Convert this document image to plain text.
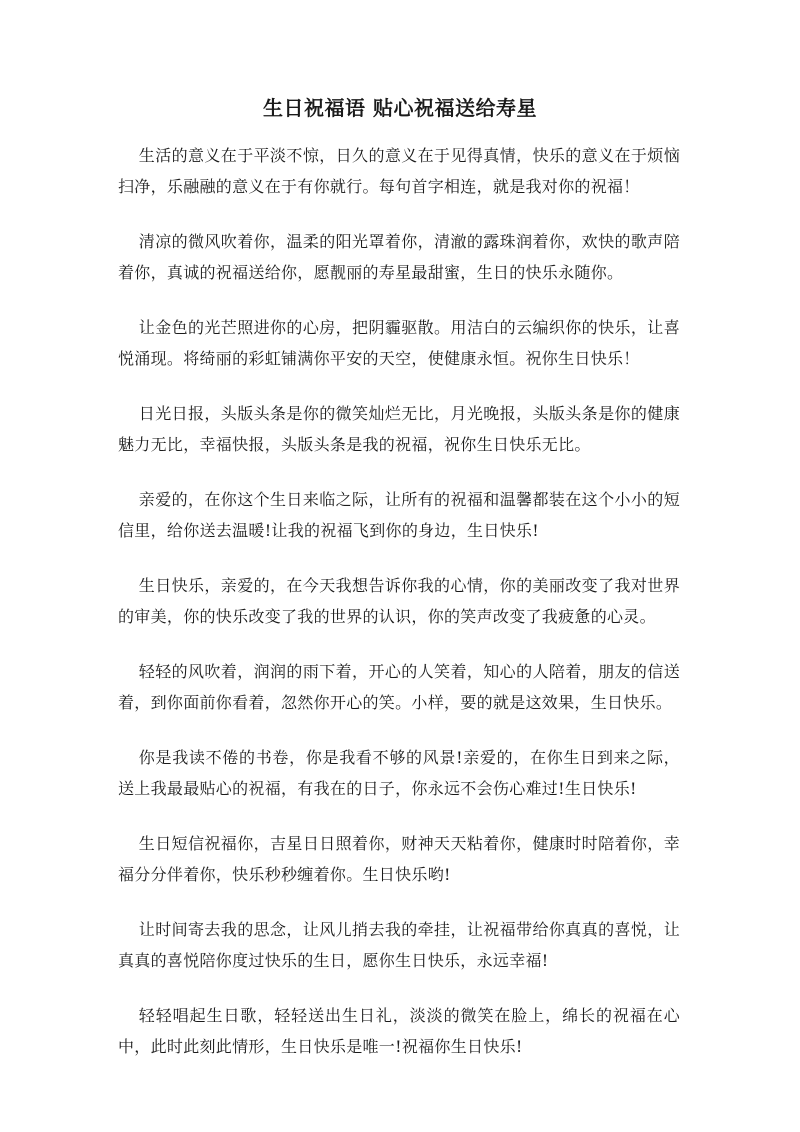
生日祝福语 贴心祝福送给寿星

生活的意义在于平淡不惊，日久的意义在于见得真情，快乐的意义在于烦恼扫净，乐融融的意义在于有你就行。每句首字相连，就是我对你的祝福！

清凉的微风吹着你，温柔的阳光罩着你，清澈的露珠润着你，欢快的歌声陪着你，真诚的祝福送给你，愿靓丽的寿星最甜蜜，生日的快乐永随你。

让金色的光芒照进你的心房，把阴霾驱散。用洁白的云编织你的快乐，让喜悦涌现。将绮丽的彩虹铺满你平安的天空，使健康永恒。祝你生日快乐！

日光日报，头版头条是你的微笑灿烂无比，月光晚报，头版头条是你的健康魅力无比，幸福快报，头版头条是我的祝福，祝你生日快乐无比。

亲爱的，在你这个生日来临之际，让所有的祝福和温馨都装在这个小小的短信里，给你送去温暖!让我的祝福飞到你的身边，生日快乐!

生日快乐，亲爱的，在今天我想告诉你我的心情，你的美丽改变了我对世界的审美，你的快乐改变了我的世界的认识，你的笑声改变了我疲惫的心灵。

轻轻的风吹着，润润的雨下着，开心的人笑着，知心的人陪着，朋友的信送着，到你面前你看着，忽然你开心的笑。小样，要的就是这效果，生日快乐。

你是我读不倦的书卷，你是我看不够的风景!亲爱的，在你生日到来之际，送上我最最贴心的祝福，有我在的日子，你永远不会伤心难过!生日快乐!

生日短信祝福你，吉星日日照着你，财神天天粘着你，健康时时陪着你，幸福分分伴着你，快乐秒秒缠着你。生日快乐哟!

让时间寄去我的思念，让风儿捎去我的牵挂，让祝福带给你真真的喜悦，让真真的喜悦陪你度过快乐的生日，愿你生日快乐，永远幸福!

轻轻唱起生日歌，轻轻送出生日礼，淡淡的微笑在脸上，绵长的祝福在心中，此时此刻此情形，生日快乐是唯一!祝福你生日快乐!
